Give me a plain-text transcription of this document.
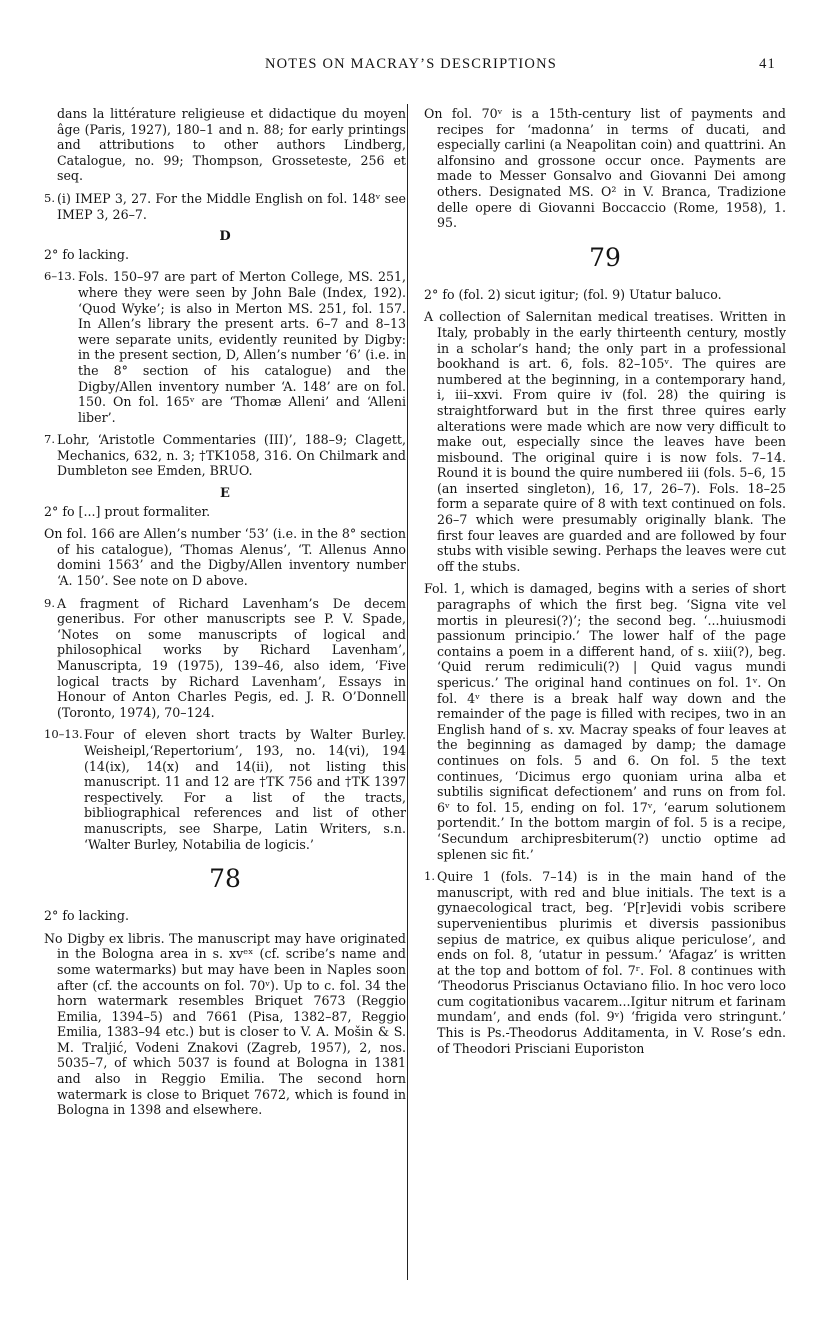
NOTES ON MACRAY’S DESCRIPTIONS	41
dans la littérature religieuse et didactique du moyen âge (Paris, 1927), 180–1 and n. 88; for early printings and attributions to other authors Lindberg, Catalogue, no. 99; Thompson, Grosseteste, 256 et seq.
5. (i) IMEP 3, 27. For the Middle English on fol. 148ᵛ see IMEP 3, 26–7.
D
2° fo lacking.
6–13. Fols. 150–97 are part of Merton College, MS. 251, where they were seen by John Bale (Index, 192). ‘Quod Wyke’; is also in Merton MS. 251, fol. 157. In Allen’s library the present arts. 6–7 and 8–13 were separate units, evidently reunited by Digby: in the present section, D, Allen’s number ‘6’ (i.e. in the 8° section of his catalogue) and the Digby/Allen inventory number ‘A. 148’ are on fol. 150. On fol. 165ᵛ are ‘Thomæ Alleni’ and ‘Alleni liber’.
7. Lohr, ‘Aristotle Commentaries (III)’, 188–9; Clagett, Mechanics, 632, n. 3; †TK1058, 316. On Chilmark and Dumbleton see Emden, BRUO.
E
2° fo [...] prout formaliter.
On fol. 166 are Allen’s number ‘53’ (i.e. in the 8° section of his catalogue), ‘Thomas Alenus’, ‘T. Allenus Anno domini 1563’ and the Digby/Allen inventory number ‘A. 150’. See note on D above.
9. A fragment of Richard Lavenham’s De decem generibus. For other manuscripts see P. V. Spade, ‘Notes on some manuscripts of logical and philosophical works by Richard Lavenham’, Manuscripta, 19 (1975), 139–46, also idem, ‘Five logical tracts by Richard Lavenham’, Essays in Honour of Anton Charles Pegis, ed. J. R. O’Donnell (Toronto, 1974), 70–124.
10–13. Four of eleven short tracts by Walter Burley. Weisheipl,‘Repertorium’, 193, no. 14(vi), 194 (14(ix), 14(x) and 14(ii), not listing this manuscript. 11 and 12 are †TK 756 and †TK 1397 respectively. For a list of the tracts, bibliographical references and list of other manuscripts, see Sharpe, Latin Writers, s.n. ‘Walter Burley, Notabilia de logicis.’
78
2° fo lacking.
No Digby ex libris. The manuscript may have originated in the Bologna area in s. xvᵉˣ (cf. scribe’s name and some watermarks) but may have been in Naples soon after (cf. the accounts on fol. 70ᵛ). Up to c. fol. 34 the horn watermark resembles Briquet 7673 (Reggio Emilia, 1394–5) and 7661 (Pisa, 1382–87, Reggio Emilia, 1383–94 etc.) but is closer to V. A. Mošin & S. M. Traljić, Vodeni Znakovi (Zagreb, 1957), 2, nos. 5035–7, of which 5037 is found at Bologna in 1381 and also in Reggio Emilia. The second horn watermark is close to Briquet 7672, which is found in Bologna in 1398 and elsewhere.
On fol. 70ᵛ is a 15th-century list of payments and recipes for ‘madonna’ in terms of ducati, and especially carlini (a Neapolitan coin) and quattrini. An alfonsino and grossone occur once. Payments are made to Messer Gonsalvo and Giovanni Dei among others. Designated MS. O² in V. Branca, Tradizione delle opere di Giovanni Boccaccio (Rome, 1958), 1. 95.
79
2° fo (fol. 2) sicut igitur; (fol. 9) Utatur baluco.
A collection of Salernitan medical treatises. Written in Italy, probably in the early thirteenth century, mostly in a scholar’s hand; the only part in a professional bookhand is art. 6, fols. 82–105ᵛ. The quires are numbered at the beginning, in a contemporary hand, i, iii–xxvi. From quire iv (fol. 28) the quiring is straightforward but in the first three quires early alterations were made which are now very difficult to make out, especially since the leaves have been misbound. The original quire i is now fols. 7–14. Round it is bound the quire numbered iii (fols. 5–6, 15 (an inserted singleton), 16, 17, 26–7). Fols. 18–25 form a separate quire of 8 with text continued on fols. 26–7 which were presumably originally blank. The first four leaves are guarded and are followed by four stubs with visible sewing. Perhaps the leaves were cut off the stubs.
Fol. 1, which is damaged, begins with a series of short paragraphs of which the first beg. ‘Signa vite vel mortis in pleuresi(?)’; the second beg. ‘...huiusmodi passionum principio.’ The lower half of the page contains a poem in a different hand, of s. xiii(?), beg. ‘Quid rerum redimiculi(?) | Quid vagus mundi spericus.’ The original hand continues on fol. 1ᵛ. On fol. 4ᵛ there is a break half way down and the remainder of the page is filled with recipes, two in an English hand of s. xv. Macray speaks of four leaves at the beginning as damaged by damp; the damage continues on fols. 5 and 6. On fol. 5 the text continues, ‘Dicimus ergo quoniam urina alba et subtilis significat defectionem’ and runs on from fol. 6ᵛ to fol. 15, ending on fol. 17ᵛ, ‘earum solutionem portendit.’ In the bottom margin of fol. 5 is a recipe, ‘Secundum archipresbiterum(?) unctio optime ad splenen sic fit.’
1. Quire 1 (fols. 7–14) is in the main hand of the manuscript, with red and blue initials. The text is a gynaecological tract, beg. ‘P[r]evidi vobis scribere supervenientibus plurimis et diversis passionibus sepius de matrice, ex quibus alique periculose’, and ends on fol. 8, ‘utatur in pessum.’ ‘Afagaz’ is written at the top and bottom of fol. 7ʳ. Fol. 8 continues with ‘Theodorus Priscianus Octaviano filio. In hoc vero loco cum cogitationibus vacarem...Igitur nitrum et farinam mundam’, and ends (fol. 9ᵛ) ‘frigida vero stringunt.’ This is Ps.-Theodorus Additamenta, in V. Rose’s edn. of Theodori Prisciani Euporiston
